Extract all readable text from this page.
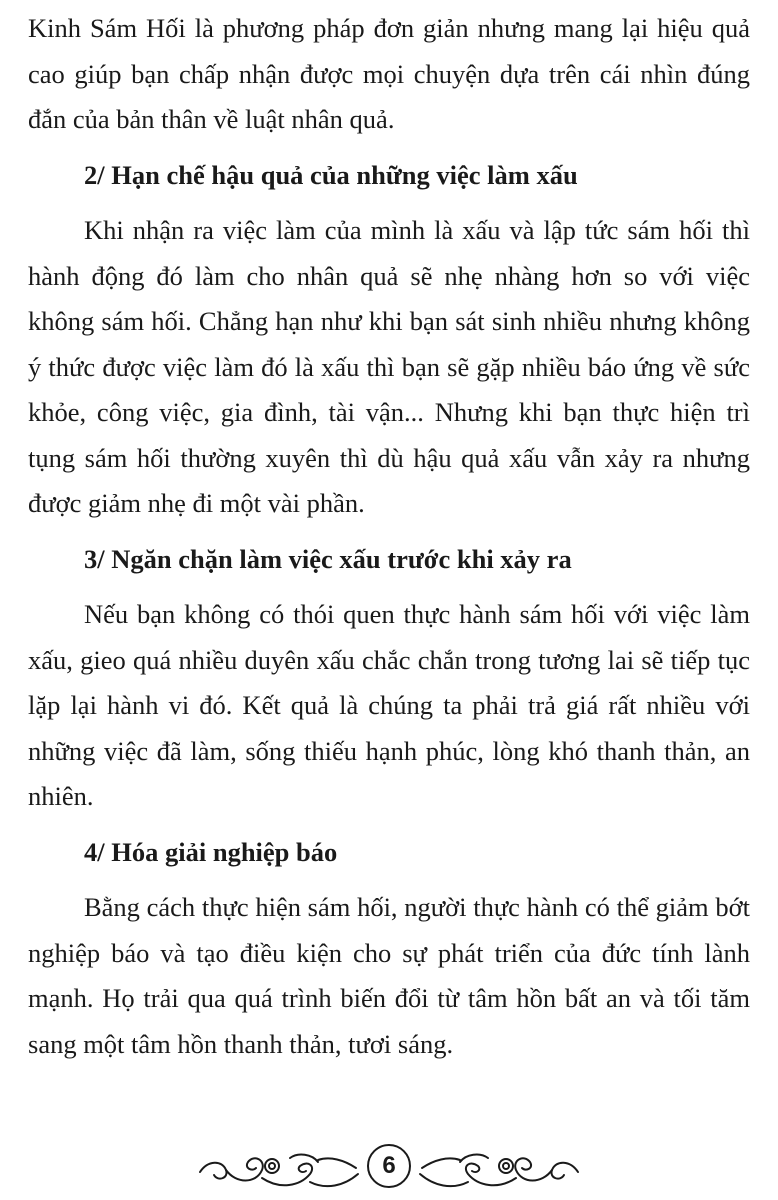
Kinh Sám Hối là phương pháp đơn giản nhưng mang lại hiệu quả cao giúp bạn chấp nhận được mọi chuyện dựa trên cái nhìn đúng đắn của bản thân về luật nhân quả.

2/ Hạn chế hậu quả của những việc làm xấu

Khi nhận ra việc làm của mình là xấu và lập tức sám hối thì hành động đó làm cho nhân quả sẽ nhẹ nhàng hơn so với việc không sám hối. Chẳng hạn như khi bạn sát sinh nhiều nhưng không ý thức được việc làm đó là xấu thì bạn sẽ gặp nhiều báo ứng về sức khỏe, công việc, gia đình, tài vận... Nhưng khi bạn thực hiện trì tụng sám hối thường xuyên thì dù hậu quả xấu vẫn xảy ra nhưng được giảm nhẹ đi một vài phần.

3/ Ngăn chặn làm việc xấu trước khi xảy ra

Nếu bạn không có thói quen thực hành sám hối với việc làm xấu, gieo quá nhiều duyên xấu chắc chắn trong tương lai sẽ tiếp tục lặp lại hành vi đó. Kết quả là chúng ta phải trả giá rất nhiều với những việc đã làm, sống thiếu hạnh phúc, lòng khó thanh thản, an nhiên.

4/ Hóa giải nghiệp báo

Bằng cách thực hiện sám hối, người thực hành có thể giảm bớt nghiệp báo và tạo điều kiện cho sự phát triển của đức tính lành mạnh. Họ trải qua quá trình biến đổi từ tâm hồn bất an và tối tăm sang một tâm hồn thanh thản, tươi sáng.

6
